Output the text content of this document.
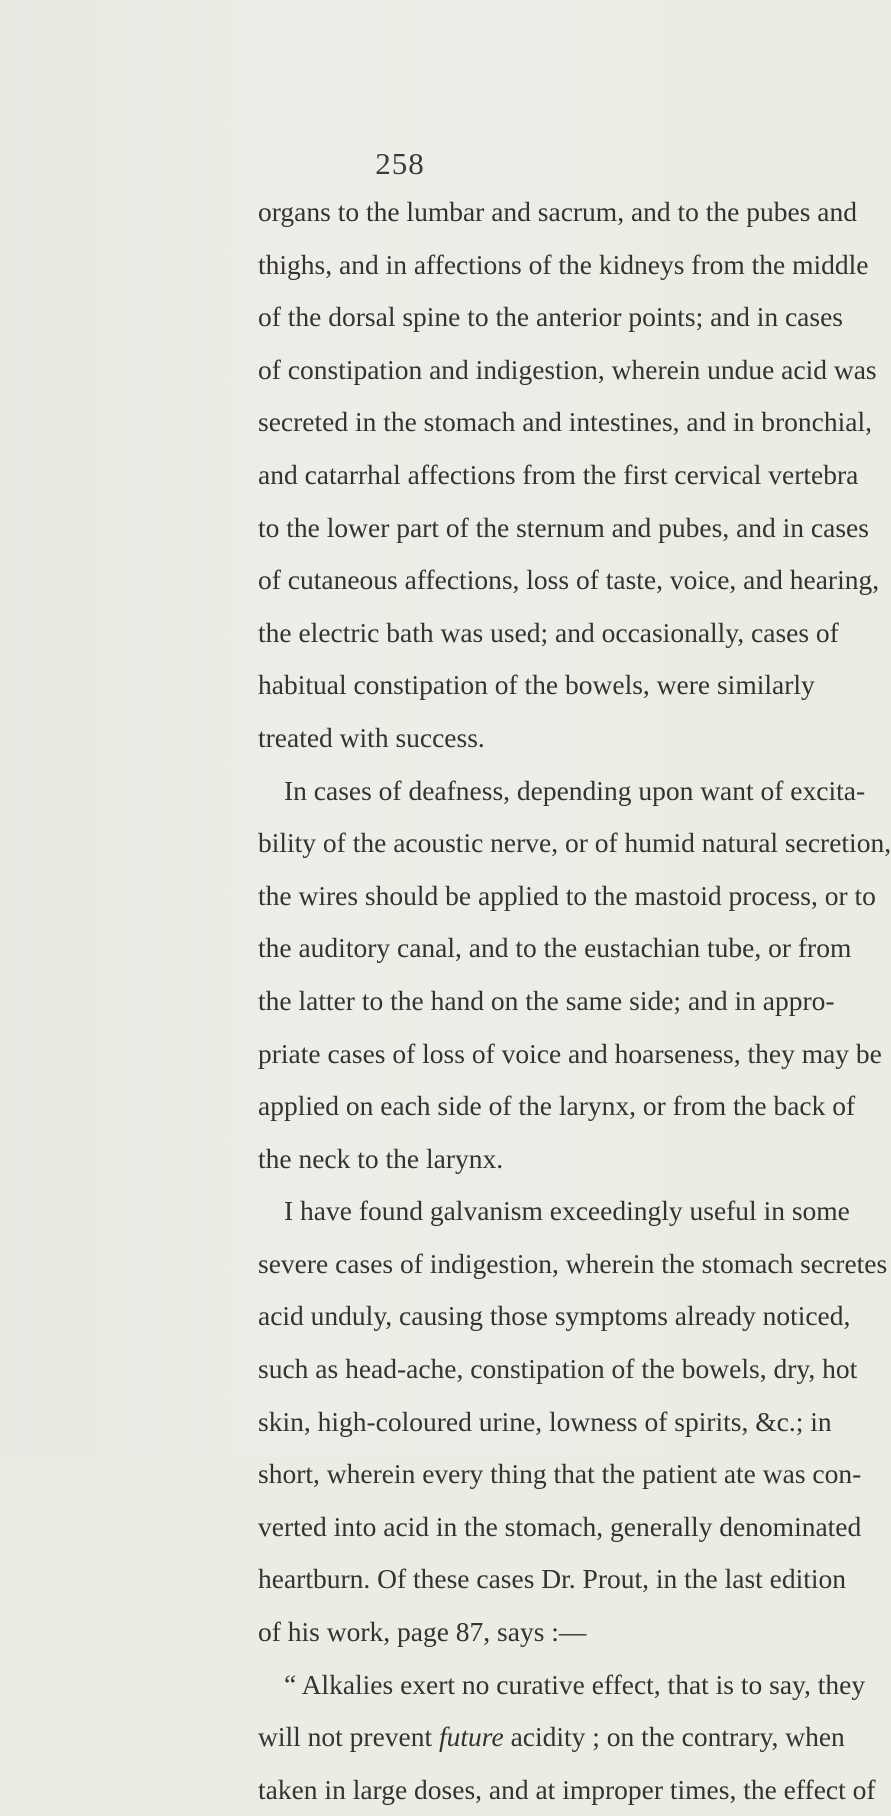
258
organs to the lumbar and sacrum, and to the pubes and
thighs, and in affections of the kidneys from the middle
of the dorsal spine to the anterior points; and in cases
of constipation and indigestion, wherein undue acid was
secreted in the stomach and intestines, and in bronchial,
and catarrhal affections from the first cervical vertebra
to the lower part of the sternum and pubes, and in cases
of cutaneous affections, loss of taste, voice, and hearing,
the electric bath was used; and occasionally, cases of
habitual constipation of the bowels, were similarly
treated with success.
In cases of deafness, depending upon want of excita-
bility of the acoustic nerve, or of humid natural secretion,
the wires should be applied to the mastoid process, or to
the auditory canal, and to the eustachian tube, or from
the latter to the hand on the same side; and in appro-
priate cases of loss of voice and hoarseness, they may be
applied on each side of the larynx, or from the back of
the neck to the larynx.
I have found galvanism exceedingly useful in some
severe cases of indigestion, wherein the stomach secretes
acid unduly, causing those symptoms already noticed,
such as head-ache, constipation of the bowels, dry, hot
skin, high-coloured urine, lowness of spirits, &c.; in
short, wherein every thing that the patient ate was con-
verted into acid in the stomach, generally denominated
heartburn. Of these cases Dr. Prout, in the last edition
of his work, page 87, says :—
“ Alkalies exert no curative effect, that is to say, they
will not prevent future acidity ; on the contrary, when
taken in large doses, and at improper times, the effect of
